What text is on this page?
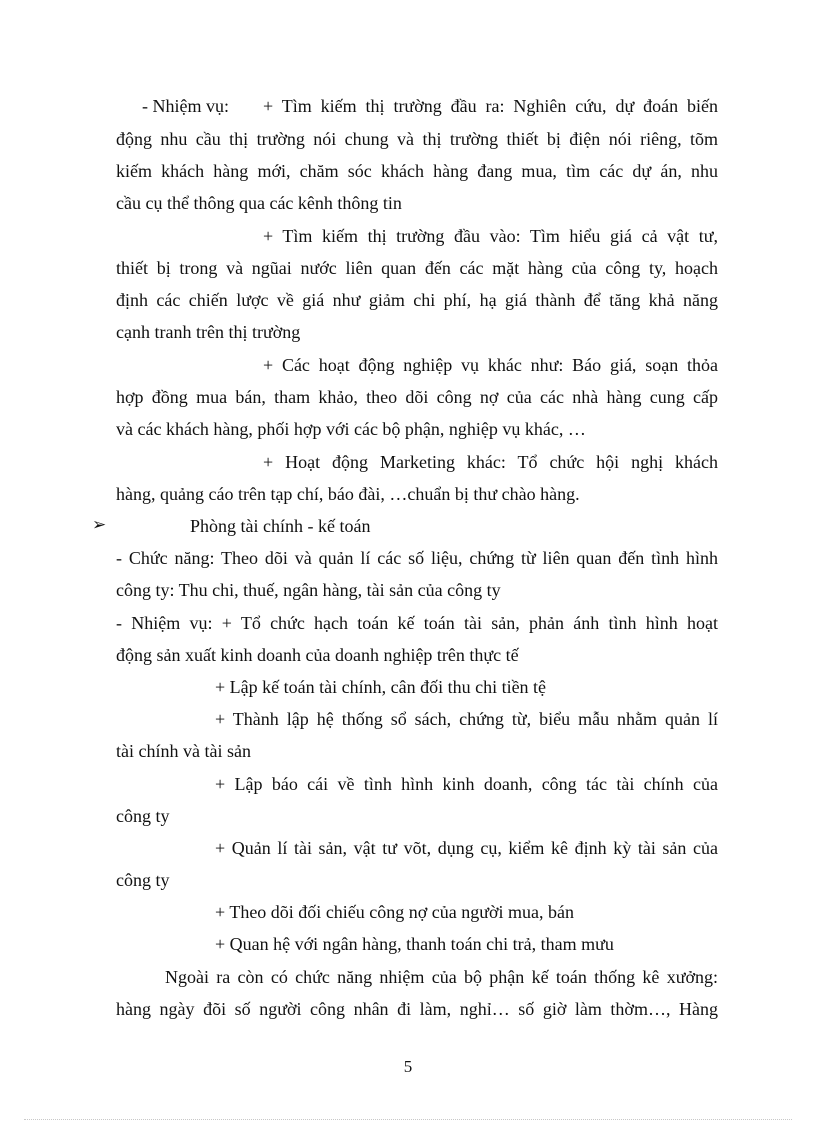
- Nhiệm vụ:	+ Tìm kiếm thị trường đầu ra: Nghiên cứu, dự đoán biến
động nhu cầu thị trường nói chung và thị trường thiết bị điện nói riêng, tõm
kiếm khách hàng mới, chăm sóc khách hàng đang mua, tìm các dự án, nhu
cầu cụ thể thông qua các kênh thông tin
+ Tìm kiếm thị trường đầu vào: Tìm hiểu giá cả vật tư,
thiết bị trong và ngũai nước liên quan đến các mặt hàng của công ty, hoạch
định các chiến lược về giá như giảm chi phí, hạ giá thành để tăng khả năng
cạnh tranh trên thị trường
+ Các hoạt động nghiệp vụ khác như: Báo giá, soạn thỏa
hợp đồng mua bán, tham khảo, theo dõi công nợ của các nhà hàng cung cấp
và các khách hàng, phối hợp với các bộ phận, nghiệp vụ khác, …
+ Hoạt động Marketing khác: Tổ chức hội nghị khách
hàng, quảng cáo trên tạp chí, báo đài, …chuẩn bị thư chào hàng.
➢	Phòng tài chính - kế toán
- Chức năng: Theo dõi và quản lí các số liệu, chứng từ liên quan đến tình hình
công ty: Thu chi, thuế, ngân hàng, tài sản của công ty
- Nhiệm vụ: + Tổ chức hạch toán kế toán tài sản, phản ánh tình hình hoạt
động sản xuất kinh doanh của doanh nghiệp trên thực tế
+ Lập kế toán tài chính, cân đối thu chi tiền tệ
+ Thành lập hệ thống sổ sách, chứng từ, biểu mẫu nhằm quản lí
tài chính và tài sản
+ Lập báo cái về tình hình kinh doanh, công tác tài chính của
công ty
+ Quản lí tài sản, vật tư võt, dụng cụ, kiểm kê định kỳ tài sản của
công ty
+ Theo dõi đối chiếu công nợ của người mua, bán
+ Quan hệ với ngân hàng, thanh toán chi trả, tham mưu
Ngoài ra còn có chức năng nhiệm của bộ phận kế toán thống kê xưởng:
hàng ngày đõi số người công nhân đi làm, nghỉ… số giờ làm thờm…, Hàng
5
